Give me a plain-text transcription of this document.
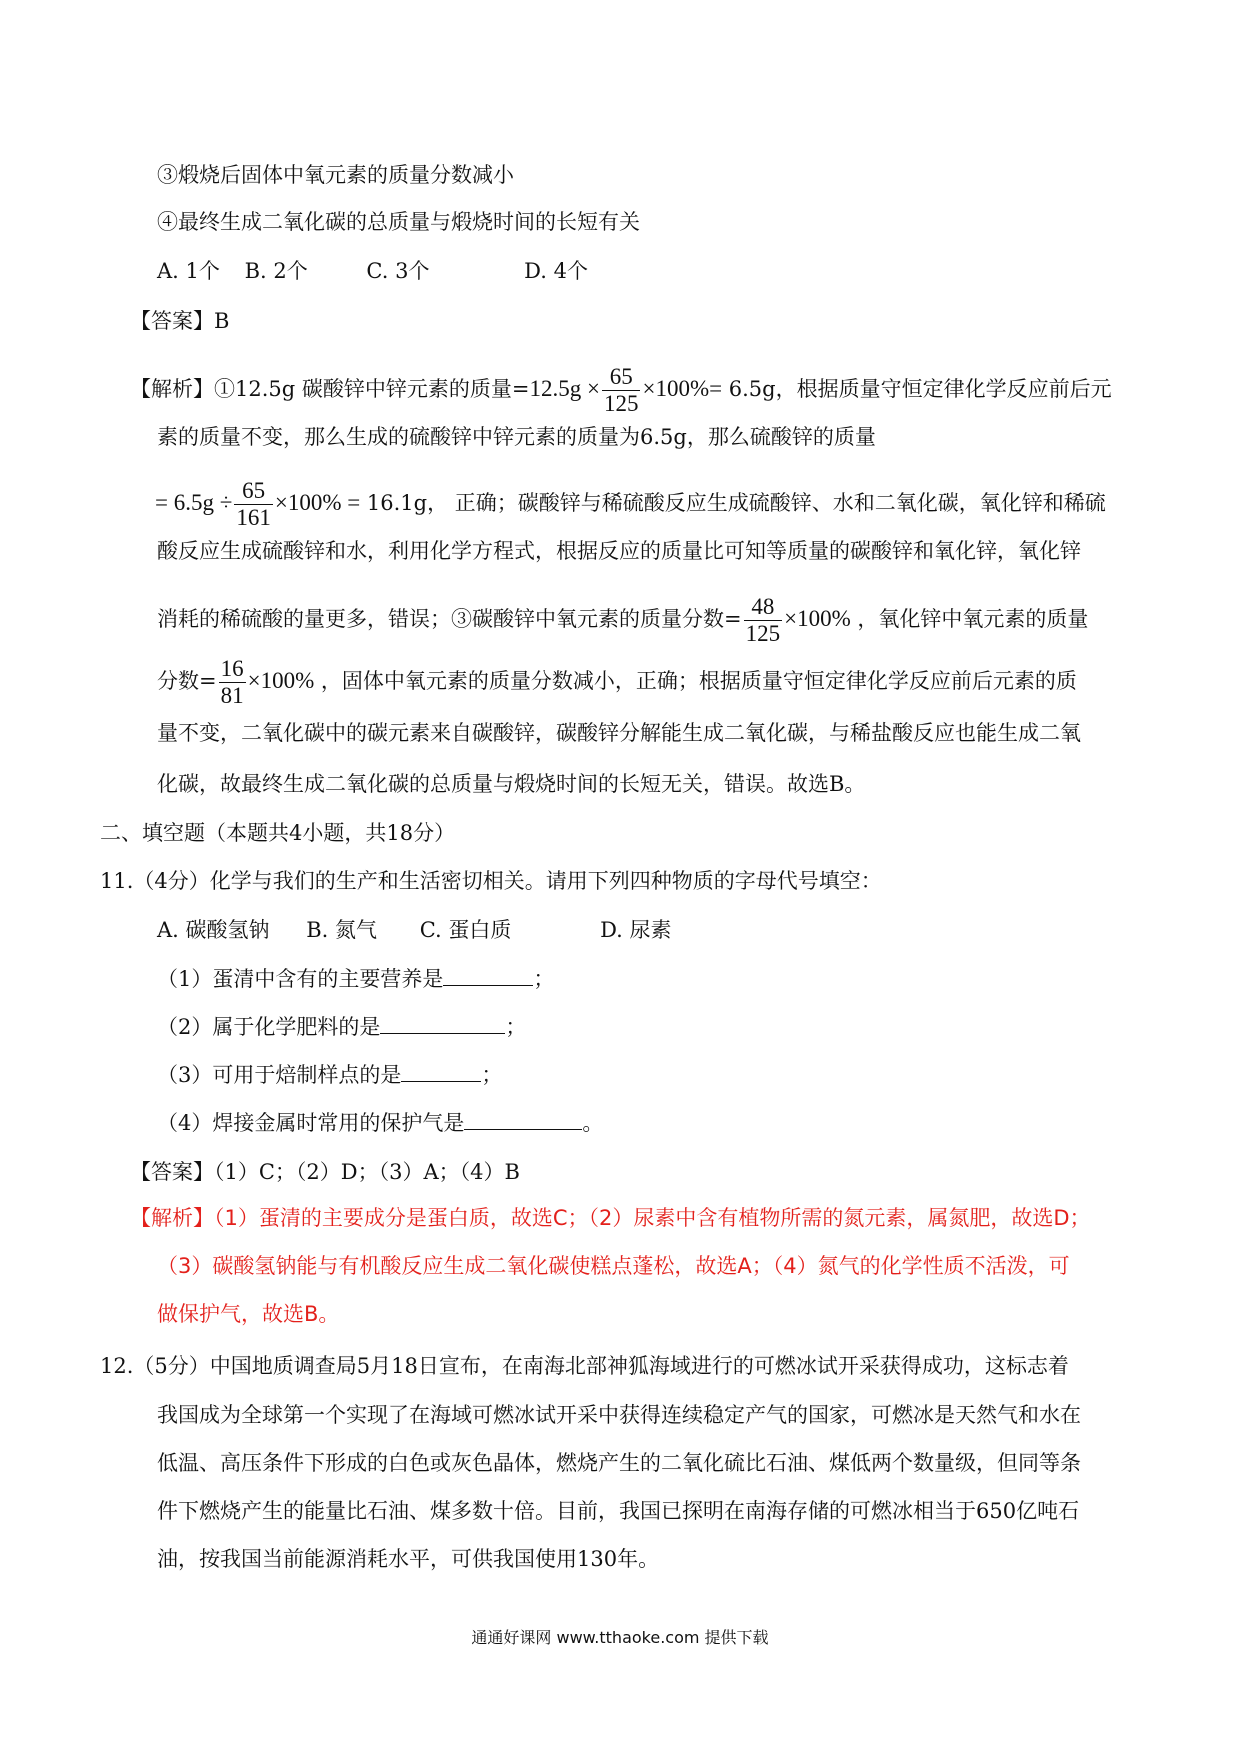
③煅烧后固体中氧元素的质量分数减小
④最终生成二氧化碳的总质量与煅烧时间的长短有关
A. 1个 B. 2个	C. 3个	D. 4个
【答案】B
【解析】①12.5g 碳酸锌中锌元素的质量$=12.5g \times \frac{65}{125} \times 100\%= 6.5g$，根据质量守恒定律化学反应前后元
素的质量不变，那么生成的硫酸锌中锌元素的质量为6.5g，那么硫酸锌的质量
= $6.5g \div \frac{65}{161} \times 100\% = 16.1g$， 正确；碳酸锌与稀硫酸反应生成硫酸锌、水和二氧化碳，氧化锌和稀硫
酸反应生成硫酸锌和水，利用化学方程式，根据反应的质量比可知等质量的碳酸锌和氧化锌，氧化锌
消耗的稀硫酸的量更多，错误；③碳酸锌中氧元素的质量分数= $\frac{48}{125} \times 100\%$ ，氧化锌中氧元素的质量
分数= $\frac{16}{81} \times 100\%$ ，固体中氧元素的质量分数减小，正确；根据质量守恒定律化学反应前后元素的质
量不变，二氧化碳中的碳元素来自碳酸锌，碳酸锌分解能生成二氧化碳，与稀盐酸反应也能生成二氧
化碳，故最终生成二氧化碳的总质量与煅烧时间的长短无关，错误。故选B。
二、填空题（本题共4小题，共18分）
11.（4分）化学与我们的生产和生活密切相关。请用下列四种物质的字母代号填空：
A. 碳酸氢钠 B. 氮气 C. 蛋白质	D. 尿素
（1）蛋清中含有的主要营养是	；
（2）属于化学肥料的是	；
（3）可用于焙制样点的是	；
（4）焊接金属时常用的保护气是	。
【答案】（1）C；（2）D；（3）A；（4）B
【解析】（1）蛋清的主要成分是蛋白质，故选C；（2）尿素中含有植物所需的氮元素，属氮肥，故选D；
（3）碳酸氢钠能与有机酸反应生成二氧化碳使糕点蓬松，故选A；（4）氮气的化学性质不活泼，可
做保护气，故选B。
12.（5分）中国地质调查局5月18日宣布，在南海北部神狐海域进行的可燃冰试开采获得成功，这标志着
我国成为全球第一个实现了在海域可燃冰试开采中获得连续稳定产气的国家，可燃冰是天然气和水在
低温、高压条件下形成的白色或灰色晶体，燃烧产生的二氧化硫比石油、煤低两个数量级，但同等条
件下燃烧产生的能量比石油、煤多数十倍。目前，我国已探明在南海存储的可燃冰相当于650亿吨石
油，按我国当前能源消耗水平，可供我国使用130年。
通通好课网 www.tthaoke.com 提供下载
